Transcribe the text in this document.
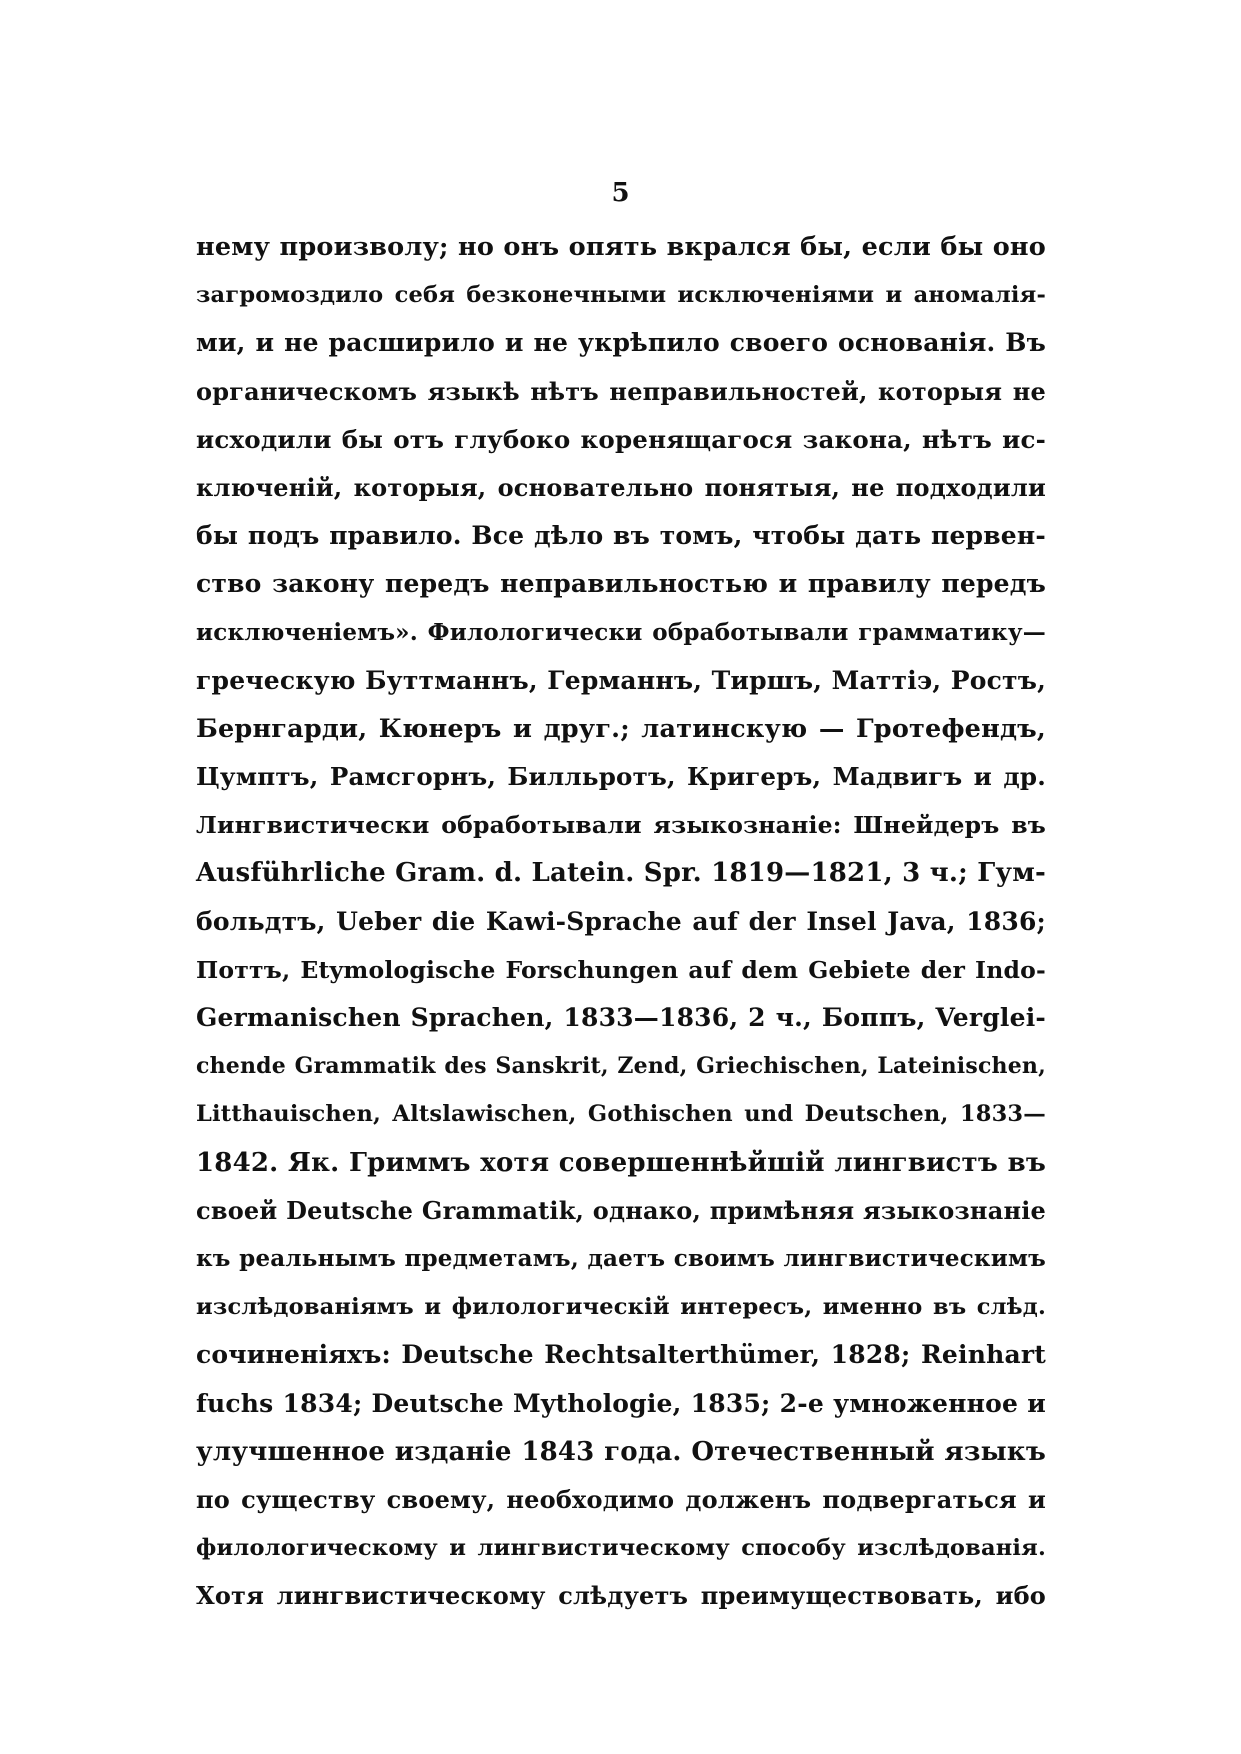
5
нему произволу; но онъ опять вкрался бы, если бы оно
загромоздило себя безконечными исключеніями и аномалія-
ми, и не расширило и не укрѣпило своего основанія. Въ
органическомъ языкѣ нѣтъ неправильностей, которыя не
исходили бы отъ глубоко коренящагося закона, нѣтъ ис-
ключеній, которыя, основательно понятыя, не подходили
бы подъ правило. Все дѣло въ томъ, чтобы дать первен-
ство закону передъ неправильностью и правилу передъ
исключеніемъ». Филологически обработывали грамматику—
греческую Буттманнъ, Германнъ, Тиршъ, Маттіэ, Ростъ,
Бернгарди, Кюнеръ и друг.; латинскую — Гротефендъ,
Цумптъ, Рамсгорнъ, Билльротъ, Кригеръ, Мадвигъ и др.
Лингвистически обработывали языкознаніе: Шнейдеръ въ
Ausführliche Gram. d. Latein. Spr. 1819—1821, 3 ч.; Гум-
больдтъ, Ueber die Kawi-Sprache auf der Insel Java, 1836;
Поттъ, Etymologische Forschungen auf dem Gebiete der Indo-
Germanischen Sprachen, 1833—1836, 2 ч., Боппъ, Verglei-
chende Grammatik des Sanskrit, Zend, Griechischen, Lateinischen,
Litthauischen, Altslawischen, Gothischen und Deutschen, 1833—
1842. Як. Гриммъ хотя совершеннѣйшій лингвистъ въ
своей Deutsche Grammatik, однако, примѣняя языкознаніе
къ реальнымъ предметамъ, даетъ своимъ лингвистическимъ
изслѣдованіямъ и филологическій интересъ, именно въ слѣд.
сочиненіяхъ: Deutsche Rechtsalterthümer, 1828; Reinhart
fuchs 1834; Deutsche Mythologie, 1835; 2-е умноженное и
улучшенное изданіе 1843 года. Отечественный языкъ
по существу своему, необходимо долженъ подвергаться и
филологическому и лингвистическому способу изслѣдованія.
Хотя лингвистическому слѣдуетъ преимуществовать, ибо
